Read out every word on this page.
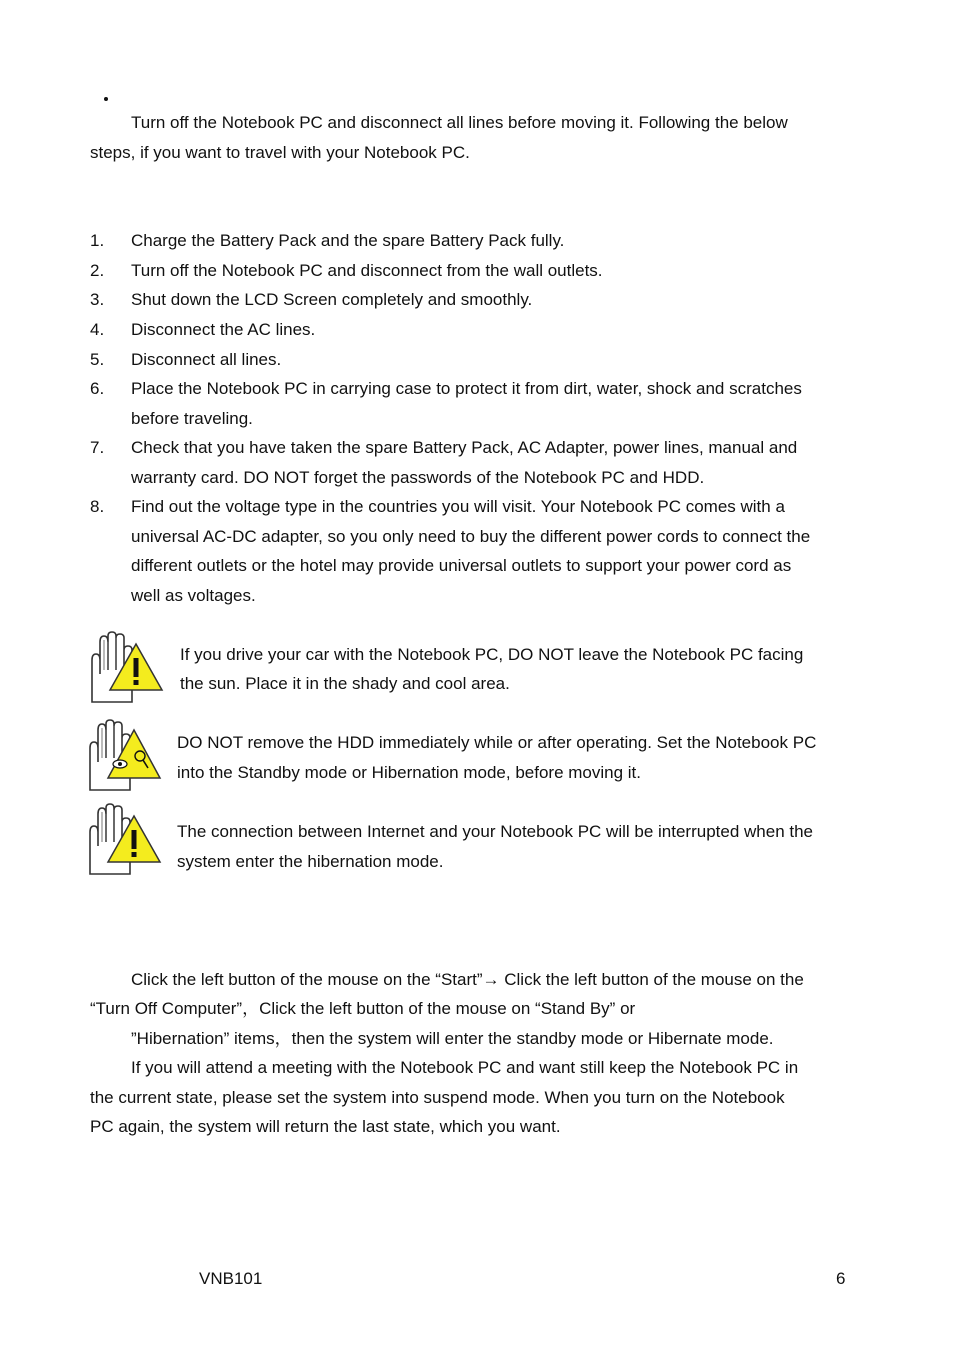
Turn off the Notebook PC and disconnect all lines before moving it. Following the below
steps, if you want to travel with your Notebook PC.
1. Charge the Battery Pack and the spare Battery Pack fully.
2. Turn off the Notebook PC and disconnect from the wall outlets.
3. Shut down the LCD Screen completely and smoothly.
4. Disconnect the AC lines.
5. Disconnect all lines.
6. Place the Notebook PC in carrying case to protect it from dirt, water, shock and scratches
before traveling.
7. Check that you have taken the spare Battery Pack, AC Adapter, power lines, manual and
warranty card. DO NOT forget the passwords of the Notebook PC and HDD.
8. Find out the voltage type in the countries you will visit. Your Notebook PC comes with a
universal AC-DC adapter, so you only need to buy the different power cords to connect the
different outlets or the hotel may provide universal outlets to support your power cord as
well as voltages.
If you drive your car with the Notebook PC, DO NOT leave the Notebook PC facing
the sun. Place it in the shady and cool area.
DO NOT remove the HDD immediately while or after operating. Set the Notebook PC
into the Standby mode or Hibernation mode, before moving it.
The connection between Internet and your Notebook PC will be interrupted when the
system enter the hibernation mode.
Click the left button of the mouse on the “Start”→ Click the left button of the mouse on the
“Turn Off Computer”，Click the left button of the mouse on “Stand By” or
”Hibernation” items，then the system will enter the standby mode or Hibernate mode.
If you will attend a meeting with the Notebook PC and want still keep the Notebook PC in
the current state, please set the system into suspend mode. When you turn on the Notebook
PC again, the system will return the last state, which you want.
VNB101	6
